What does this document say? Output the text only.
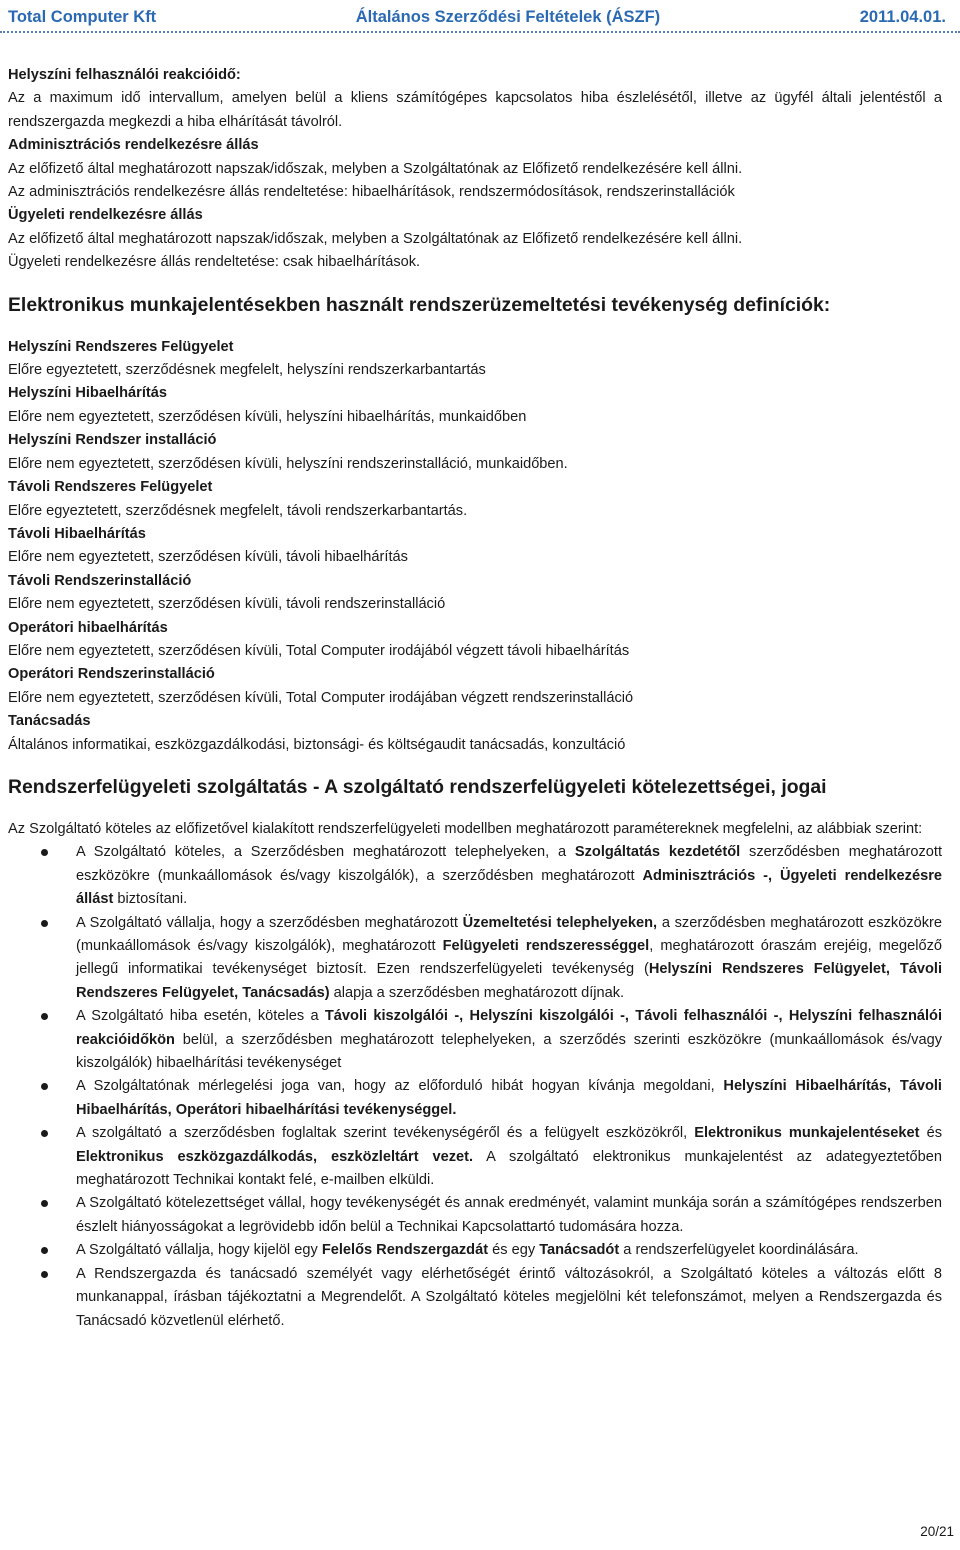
Total Computer Kft	Általános Szerződési Feltételek (ÁSZF)	2011.04.01.

Helyszíni felhasználói reakcióidő:

Az a maximum idő intervallum, amelyen belül a kliens számítógépes kapcsolatos hiba észlelésétől, illetve az ügyfél általi jelentéstől a rendszergazda megkezdi a hiba elhárítását távolról.

Adminisztrációs rendelkezésre állás

Az előfizető által meghatározott napszak/időszak, melyben a Szolgáltatónak az Előfizető rendelkezésére kell állni.

Az adminisztrációs rendelkezésre állás rendeltetése: hibaelhárítások, rendszermódosítások, rendszerinstallációk

Ügyeleti rendelkezésre állás

Az előfizető által meghatározott napszak/időszak, melyben a Szolgáltatónak az Előfizető rendelkezésére kell állni.

Ügyeleti rendelkezésre állás rendeltetése: csak hibaelhárítások.

Elektronikus munkajelentésekben használt rendszerüzemeltetési tevékenység definíciók:

Helyszíni Rendszeres Felügyelet

Előre egyeztetett, szerződésnek megfelelt, helyszíni rendszerkarbantartás

Helyszíni Hibaelhárítás

Előre nem egyeztetett, szerződésen kívüli, helyszíni hibaelhárítás, munkaidőben

Helyszíni Rendszer installáció

Előre nem egyeztetett, szerződésen kívüli, helyszíni rendszerinstalláció, munkaidőben.

Távoli Rendszeres Felügyelet

Előre egyeztetett, szerződésnek megfelelt, távoli rendszerkarbantartás.

Távoli Hibaelhárítás

Előre nem egyeztetett, szerződésen kívüli, távoli hibaelhárítás

Távoli Rendszerinstalláció

Előre nem egyeztetett, szerződésen kívüli, távoli rendszerinstalláció

Operátori hibaelhárítás

Előre nem egyeztetett, szerződésen kívüli, Total Computer irodájából végzett távoli hibaelhárítás

Operátori Rendszerinstalláció

Előre nem egyeztetett, szerződésen kívüli, Total Computer irodájában végzett rendszerinstalláció

Tanácsadás

Általános informatikai, eszközgazdálkodási, biztonsági- és költségaudit tanácsadás, konzultáció

Rendszerfelügyeleti szolgáltatás - A szolgáltató rendszerfelügyeleti kötelezettségei, jogai

Az Szolgáltató köteles az előfizetővel kialakított rendszerfelügyeleti modellben meghatározott paramétereknek megfelelni, az alábbiak szerint:

A Szolgáltató köteles, a Szerződésben meghatározott telephelyeken, a Szolgáltatás kezdetétől szerződésben meghatározott eszközökre (munkaállomások és/vagy kiszolgálók), a szerződésben meghatározott Adminisztrációs -, Ügyeleti rendelkezésre állást biztosítani.
A Szolgáltató vállalja, hogy a szerződésben meghatározott Üzemeltetési telephelyeken, a szerződésben meghatározott eszközökre (munkaállomások és/vagy kiszolgálók), meghatározott Felügyeleti rendszerességgel, meghatározott óraszám erejéig, megelőző jellegű informatikai tevékenységet biztosít. Ezen rendszerfelügyeleti tevékenység (Helyszíni Rendszeres Felügyelet, Távoli Rendszeres Felügyelet, Tanácsadás) alapja a szerződésben meghatározott díjnak.
A Szolgáltató hiba esetén, köteles a Távoli kiszolgálói -, Helyszíni kiszolgálói -, Távoli felhasználói -, Helyszíni felhasználói reakcióidőkön belül, a szerződésben meghatározott telephelyeken, a szerződés szerinti eszközökre (munkaállomások és/vagy kiszolgálók) hibaelhárítási tevékenységet
A Szolgáltatónak mérlegelési joga van, hogy az előforduló hibát hogyan kívánja megoldani, Helyszíni Hibaelhárítás, Távoli Hibaelhárítás, Operátori hibaelhárítási tevékenységgel.
A szolgáltató a szerződésben foglaltak szerint tevékenységéről és a felügyelt eszközökről, Elektronikus munkajelentéseket és Elektronikus eszközgazdálkodás, eszközleltárt vezet. A szolgáltató elektronikus munkajelentést az adategyeztetőben meghatározott Technikai kontakt felé, e-mailben elküldi.
A Szolgáltató kötelezettséget vállal, hogy tevékenységét és annak eredményét, valamint munkája során a számítógépes rendszerben észlelt hiányosságokat a legrövidebb időn belül a Technikai Kapcsolattartó tudomására hozza.
A Szolgáltató vállalja, hogy kijelöl egy Felelős Rendszergazdát és egy Tanácsadót a rendszerfelügyelet koordinálására.
A Rendszergazda és tanácsadó személyét vagy elérhetőségét érintő változásokról, a Szolgáltató köteles a változás előtt 8 munkanappal, írásban tájékoztatni a Megrendelőt. A Szolgáltató köteles megjelölni két telefonszámot, melyen a Rendszergazda és Tanácsadó közvetlenül elérhető.
20/21
